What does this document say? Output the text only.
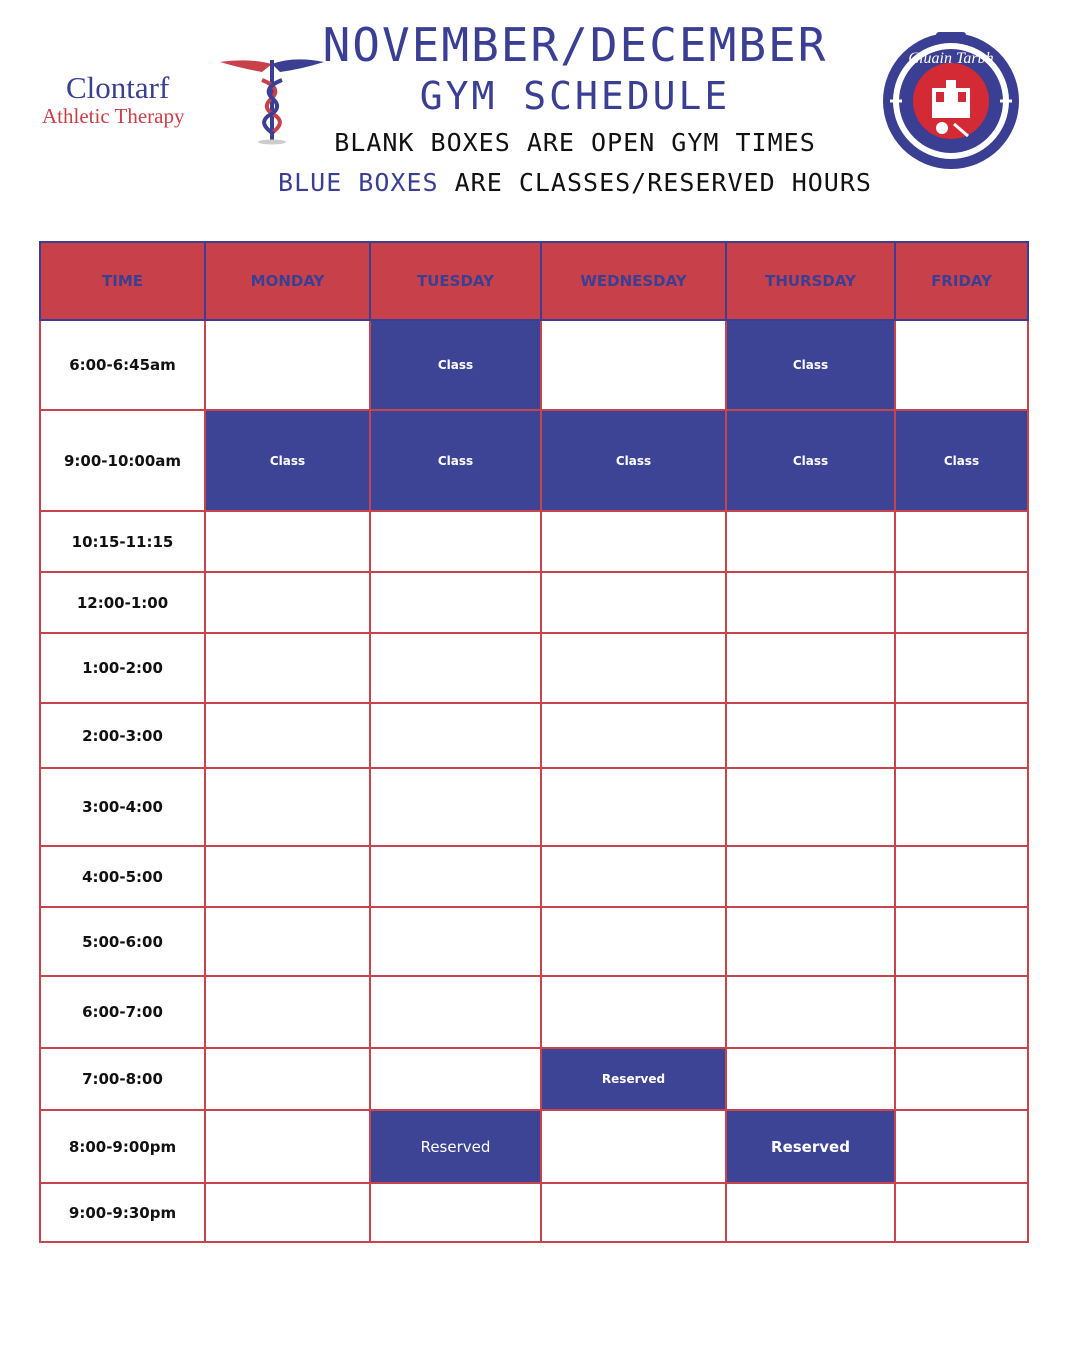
Clontarf
Athletic Therapy
NOVEMBER/DECEMBER
GYM SCHEDULE
BLANK BOXES ARE OPEN GYM TIMES
BLUE BOXES ARE CLASSES/RESERVED HOURS
Cluain Tarbh
TIME	MONDAY	TUESDAY	WEDNESDAY	THURSDAY	FRIDAY
6:00-6:45am		Class		Class	
9:00-10:00am	Class	Class	Class	Class	Class
10:15-11:15					
12:00-1:00					
1:00-2:00					
2:00-3:00					
3:00-4:00					
4:00-5:00					
5:00-6:00					
6:00-7:00					
7:00-8:00			Reserved		
8:00-9:00pm		Reserved		Reserved	
9:00-9:30pm					
